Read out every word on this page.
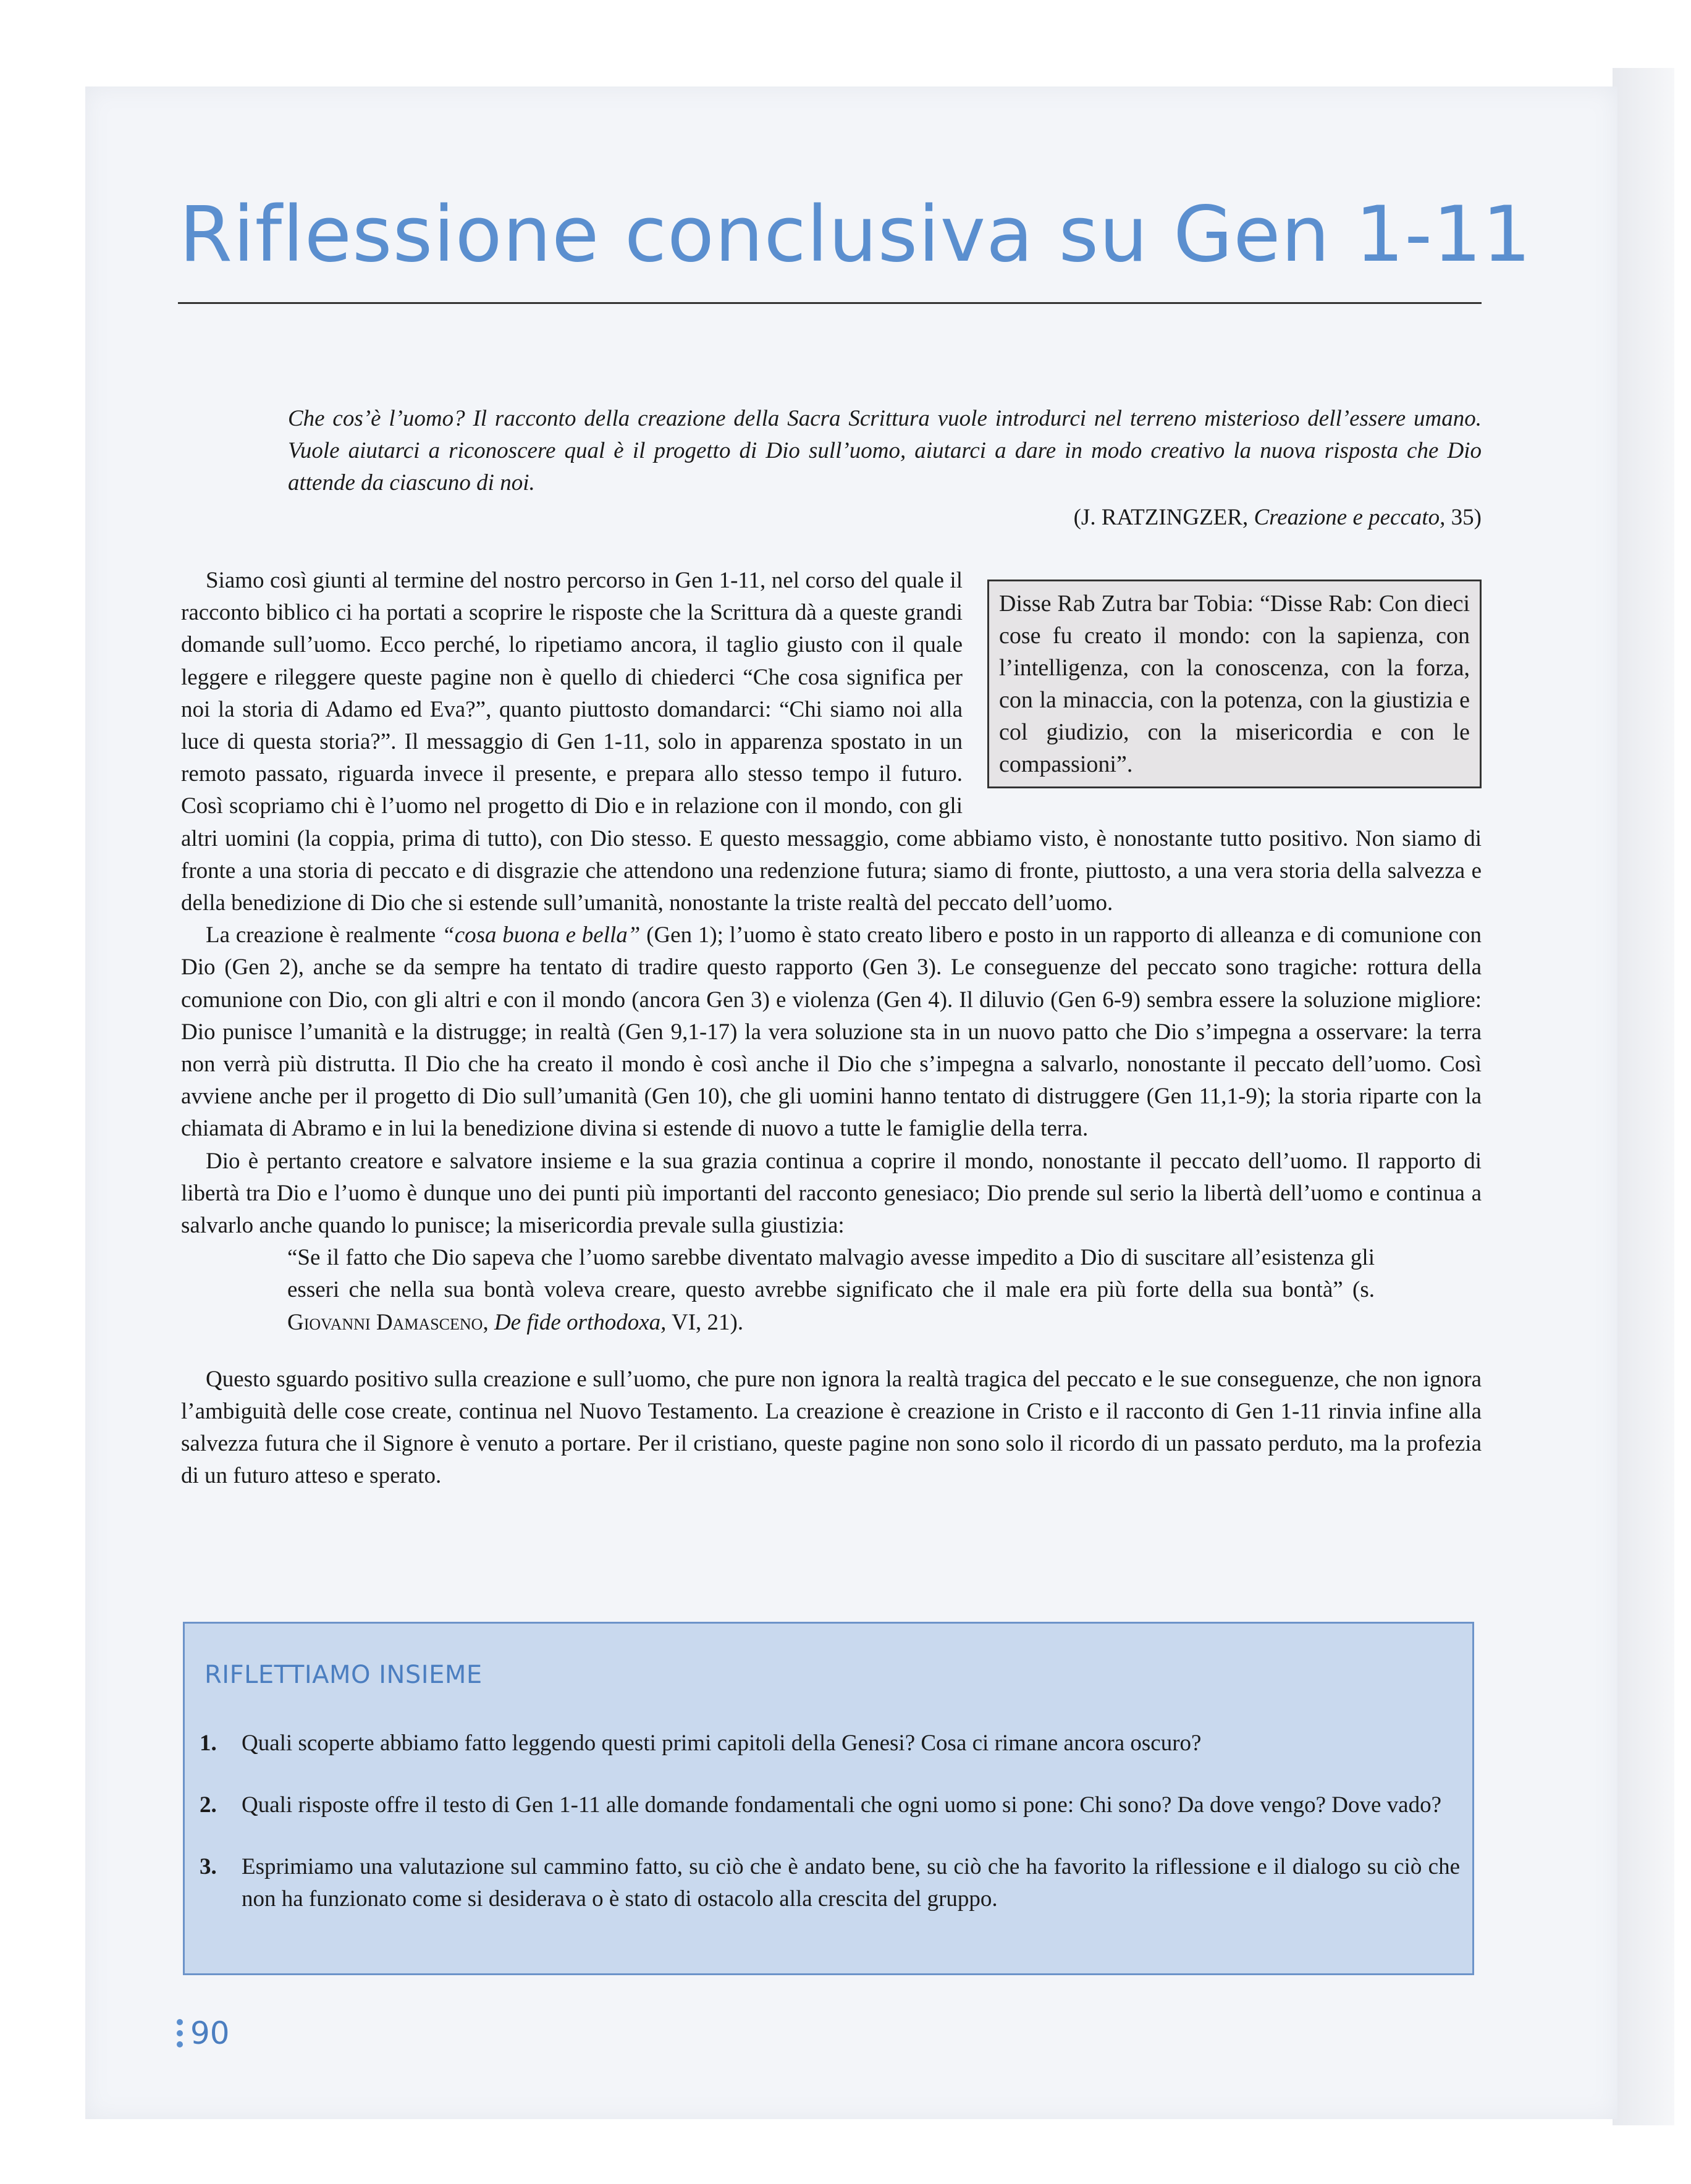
Riflessione conclusiva su Gen 1-11

Che cos’è l’uomo? Il racconto della creazione della Sacra Scrittura vuole introdurci nel terreno misterioso dell’essere umano. Vuole aiutarci a riconoscere qual è il progetto di Dio sull’uomo, aiutarci a dare in modo creativo la nuova risposta che Dio attende da ciascuno di noi.

(J. RATZINGZER, Creazione e peccato, 35)

Disse Rab Zutra bar Tobia: “Disse Rab: Con dieci cose fu creato il mondo: con la sapienza, con l’intelligenza, con la conoscenza, con la forza, con la minaccia, con la potenza, con la giustizia e col giudizio, con la misericordia e con le compassioni”.

Siamo così giunti al termine del nostro percorso in Gen 1-11, nel corso del quale il racconto biblico ci ha portati a scoprire le risposte che la Scrittura dà a queste grandi domande sull’uomo. Ecco perché, lo ripetiamo ancora, il taglio giusto con il quale leggere e rileggere queste pagine non è quello di chiederci “Che cosa significa per noi la storia di Adamo ed Eva?”, quanto piuttosto domandarci: “Chi siamo noi alla luce di questa storia?”. Il messaggio di Gen 1-11, solo in apparenza spostato in un remoto passato, riguarda invece il presente, e prepara allo stesso tempo il futuro. Così scopriamo chi è l’uomo nel progetto di Dio e in relazione con il mondo, con gli altri uomini (la coppia, prima di tutto), con Dio stesso. E questo messaggio, come abbiamo visto, è nonostante tutto positivo. Non siamo di fronte a una storia di peccato e di disgrazie che attendono una redenzione futura; siamo di fronte, piuttosto, a una vera storia della salvezza e della benedizione di Dio che si estende sull’umanità, nonostante la triste realtà del peccato dell’uomo.

La creazione è realmente “cosa buona e bella” (Gen 1); l’uomo è stato creato libero e posto in un rapporto di alleanza e di comunione con Dio (Gen 2), anche se da sempre ha tentato di tradire questo rapporto (Gen 3). Le conseguenze del peccato sono tragiche: rottura della comunione con Dio, con gli altri e con il mondo (ancora Gen 3) e violenza (Gen 4). Il diluvio (Gen 6-9) sembra essere la soluzione migliore: Dio punisce l’umanità e la distrugge; in realtà (Gen 9,1-17) la vera soluzione sta in un nuovo patto che Dio s’impegna a osservare: la terra non verrà più distrutta. Il Dio che ha creato il mondo è così anche il Dio che s’impegna a salvarlo, nonostante il peccato dell’uomo. Così avviene anche per il progetto di Dio sull’umanità (Gen 10), che gli uomini hanno tentato di distruggere (Gen 11,1-9); la storia riparte con la chiamata di Abramo e in lui la benedizione divina si estende di nuovo a tutte le famiglie della terra.

Dio è pertanto creatore e salvatore insieme e la sua grazia continua a coprire il mondo, nonostante il peccato dell’uomo. Il rapporto di libertà tra Dio e l’uomo è dunque uno dei punti più importanti del racconto genesiaco; Dio prende sul serio la libertà dell’uomo e continua a salvarlo anche quando lo punisce; la misericordia prevale sulla giustizia:

“Se il fatto che Dio sapeva che l’uomo sarebbe diventato malvagio avesse impedito a Dio di suscitare all’esistenza gli esseri che nella sua bontà voleva creare, questo avrebbe significato che il male era più forte della sua bontà” (s. Giovanni Damasceno, De fide orthodoxa, VI, 21).

Questo sguardo positivo sulla creazione e sull’uomo, che pure non ignora la realtà tragica del peccato e le sue conseguenze, che non ignora l’ambiguità delle cose create, continua nel Nuovo Testamento. La creazione è creazione in Cristo e il racconto di Gen 1-11 rinvia infine alla salvezza futura che il Signore è venuto a portare. Per il cristiano, queste pagine non sono solo il ricordo di un passato perduto, ma la profezia di un futuro atteso e sperato.

RIFLETTIAMO INSIEME
1. Quali scoperte abbiamo fatto leggendo questi primi capitoli della Genesi? Cosa ci rimane ancora oscuro?
2. Quali risposte offre il testo di Gen 1-11 alle domande fondamentali che ogni uomo si pone: Chi sono? Da dove vengo? Dove vado?
3. Esprimiamo una valutazione sul cammino fatto, su ciò che è andato bene, su ciò che ha favorito la riflessione e il dialogo su ciò che non ha funzionato come si desiderava o è stato di ostacolo alla crescita del gruppo.
90
